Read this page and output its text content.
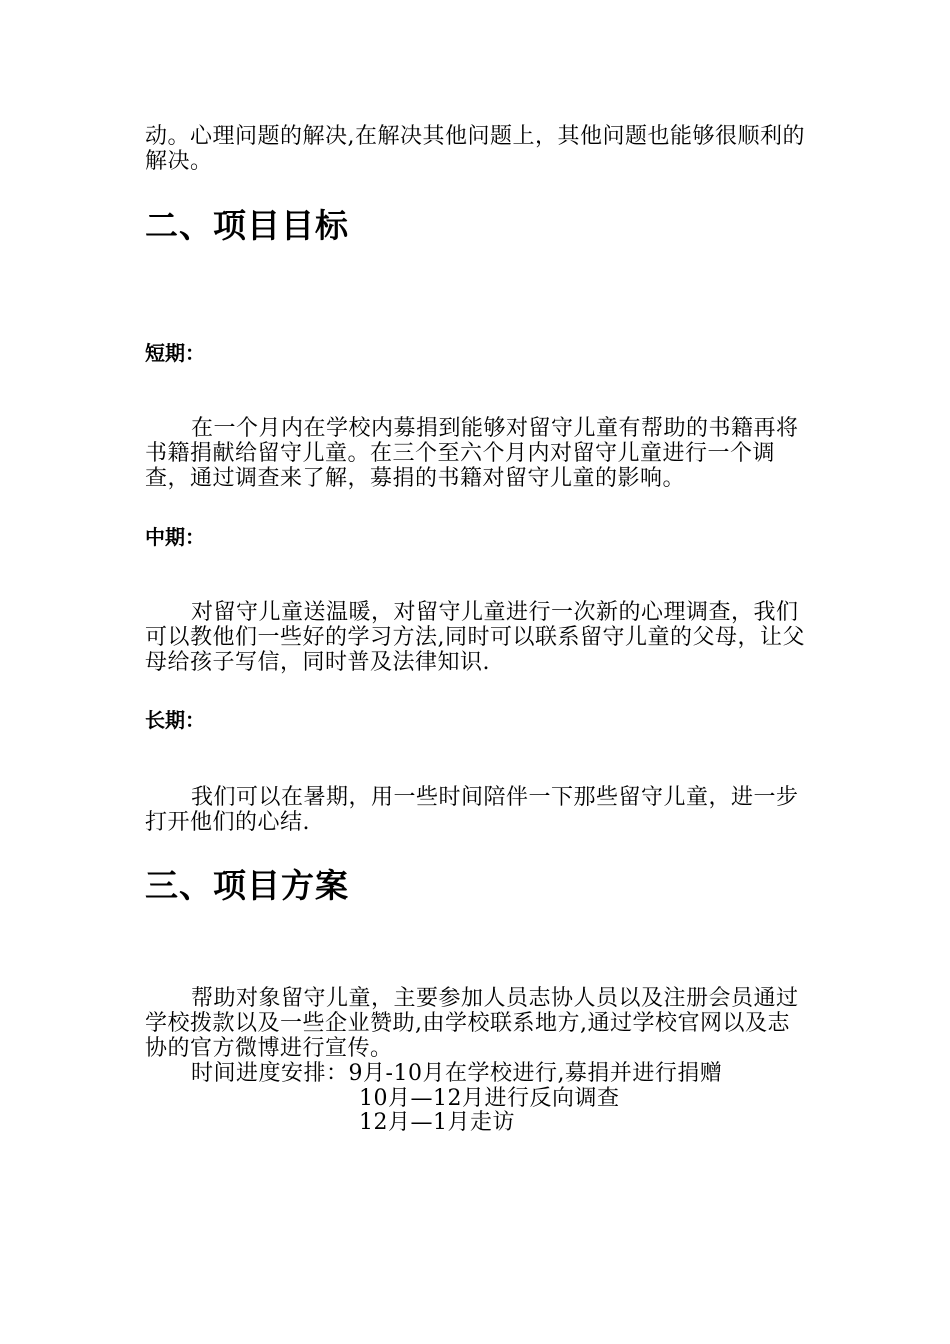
动。心理问题的解决,在解决其他问题上，其他问题也能够很顺利的解决。

二、项目目标
短期：

在一个月内在学校内募捐到能够对留守儿童有帮助的书籍再将书籍捐献给留守儿童。在三个至六个月内对留守儿童进行一个调查，通过调查来了解，募捐的书籍对留守儿童的影响。

中期：

对留守儿童送温暖，对留守儿童进行一次新的心理调查，我们可以教他们一些好的学习方法,同时可以联系留守儿童的父母，让父母给孩子写信，同时普及法律知识.

长期：

我们可以在暑期，用一些时间陪伴一下那些留守儿童，进一步打开他们的心结.

三、项目方案

帮助对象留守儿童，主要参加人员志协人员以及注册会员通过学校拨款以及一些企业赞助,由学校联系地方,通过学校官网以及志协的官方微博进行宣传。

时间进度安排：9月-10月在学校进行,募捐并进行捐赠

10月—12月进行反向调查

12月—1月走访
